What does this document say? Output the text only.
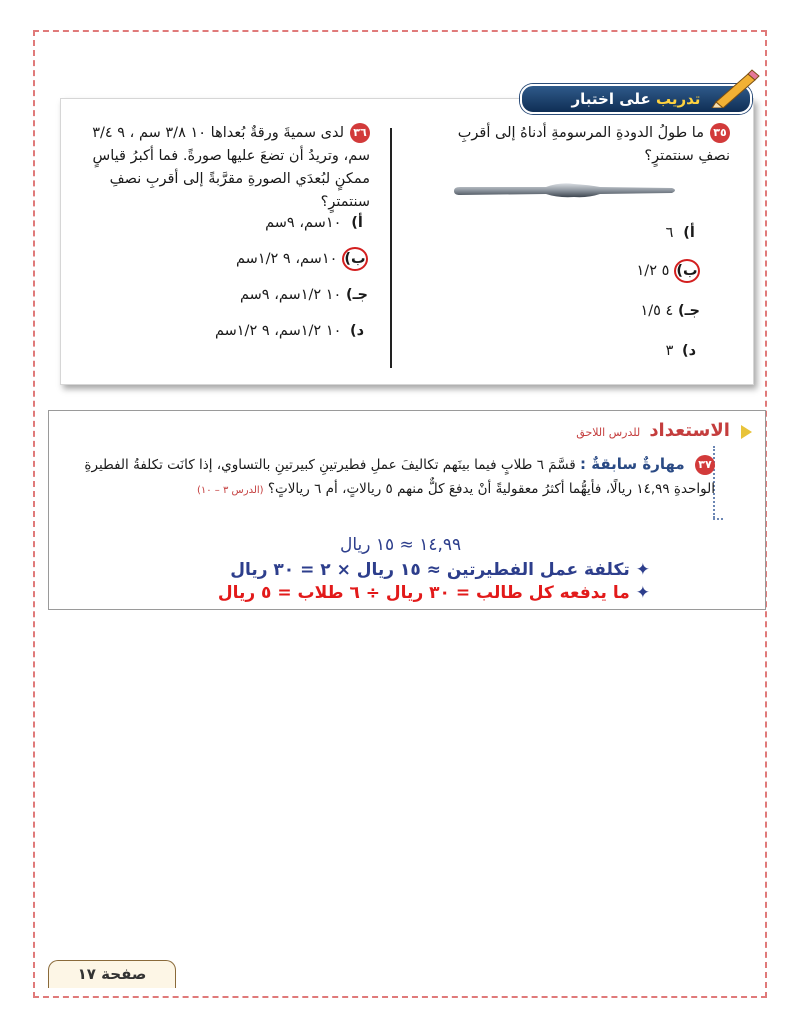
تدريب على اختبار
٣٥ما طولُ الدودةِ المرسومةِ أدناهُ إلى أقربِ نصفِ سنتمترٍ؟
أ) ٦
ب) ٥ ١/٢
جـ) ٤ ١/٥
د) ٣
٣٦لدى سميةَ ورقةٌ بُعداها ١٠ ٣/٨ سم ، ٩ ٣/٤ سم، وتريدُ أن تضعَ عليها صورةً. فما أكبرُ قياسٍ ممكنٍ لبُعدَي الصورةِ مقرَّبةً إلى أقربِ نصفِ سنتمترٍ؟
أ) ١٠سم، ٩سم
ب) ١٠سم، ٩ ١/٢سم
جـ) ١٠ ١/٢سم، ٩سم
د) ١٠ ١/٢سم، ٩ ١/٢سم
الاستعداد للدرس اللاحق
٣٧ مهارةٌ سابقةٌ : قسَّمَ ٦ طلابٍ فيما بينَهم تكاليفَ عملِ فطيرتينِ كبيرتينِ بالتساوي، إذا كانَت تكلفةُ الفطيرةِ الواحدةِ ١٤,٩٩ ريالًا، فأيهُّما أكثرُ معقوليةً أنْ يدفعَ كلٌّ منهم ٥ ريالاتٍ، أم ٦ ريالاتٍ؟ (الدرس ٣ – ١٠)
١٤,٩٩ ≈ ١٥ ريال
✦تكلفة عمل الفطيرتين ≈ ١٥ ريال × ٢ = ٣٠ ريال
✦ما يدفعه كل طالب = ٣٠ ريال ÷ ٦ طلاب = ٥ ريال
صفحة ١٧
